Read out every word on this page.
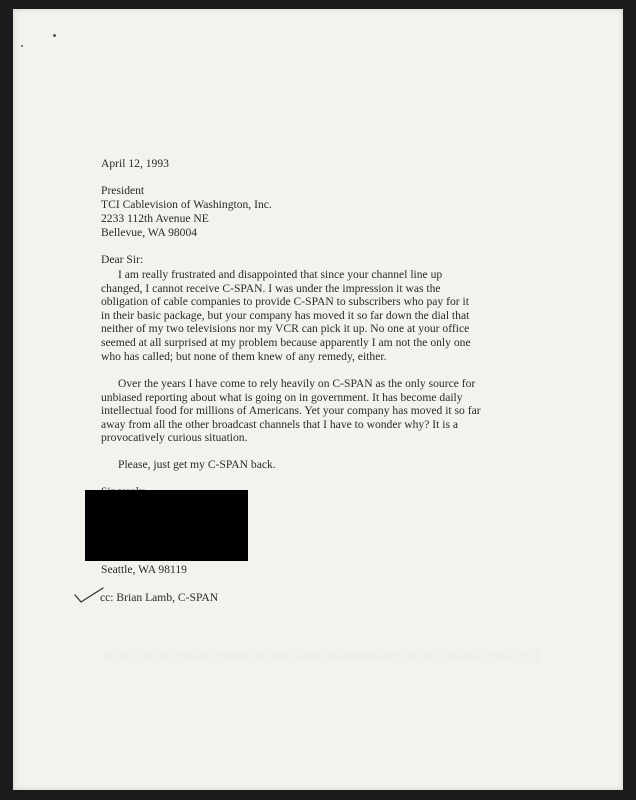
▒▒▒▒▒▒▒▒▒▒▒▒▒▒▒▒▒▒▒▒▒▒▒▒▒▒▒▒▒▒▒▒▒▒▒▒▒▒▒▒▒▒▒▒▒▒▒▒▒▒▒▒▒▒▒▒
April 12, 1993
President
TCI Cablevision of Washington, Inc.
2233 112th Avenue NE
Bellevue, WA 98004
Dear Sir:
I am really frustrated and disappointed that since your channel line up
changed, I cannot receive C-SPAN. I was under the impression it was the
obligation of cable companies to provide C-SPAN to subscribers who pay for it
in their basic package, but your company has moved it so far down the dial that
neither of my two televisions nor my VCR can pick it up. No one at your office
seemed at all surprised at my problem because apparently I am not the only one
who has called; but none of them knew of any remedy, either.
Over the years I have come to rely heavily on C-SPAN as the only source for
unbiased reporting about what is going on in government. It has become daily
intellectual food for millions of Americans. Yet your company has moved it so far
away from all the other broadcast channels that I have to wonder why? It is a
provocatively curious situation.
Please, just get my C-SPAN back.
Seattle, WA 98119
cc: Brian Lamb, C-SPAN
